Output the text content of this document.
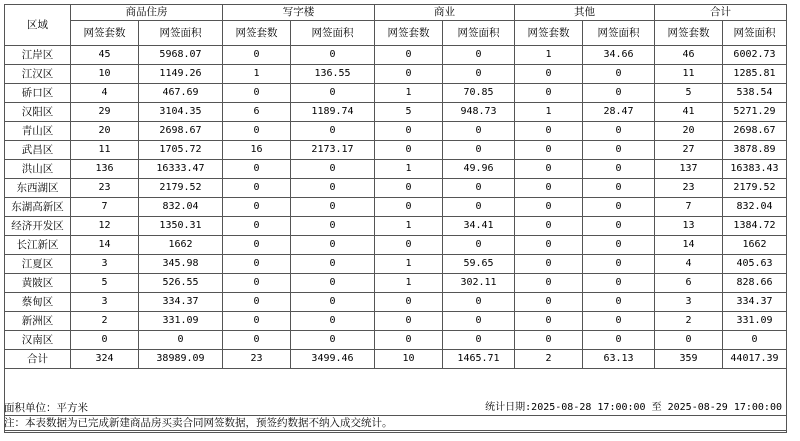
区域	商品住房		写字楼		商业		其他		合计	
	网签套数	网签面积	网签套数	网签面积	网签套数	网签面积	网签套数	网签面积	网签套数	网签面积
江岸区	45	5968.07	0	0	0	0	1	34.66	46	6002.73
江汉区	10	1149.26	1	136.55	0	0	0	0	11	1285.81
硚口区	4	467.69	0	0	1	70.85	0	0	5	538.54
汉阳区	29	3104.35	6	1189.74	5	948.73	1	28.47	41	5271.29
青山区	20	2698.67	0	0	0	0	0	0	20	2698.67
武昌区	11	1705.72	16	2173.17	0	0	0	0	27	3878.89
洪山区	136	16333.47	0	0	1	49.96	0	0	137	16383.43
东西湖区	23	2179.52	0	0	0	0	0	0	23	2179.52
东湖高新区	7	832.04	0	0	0	0	0	0	7	832.04
经济开发区	12	1350.31	0	0	1	34.41	0	0	13	1384.72
长江新区	14	1662	0	0	0	0	0	0	14	1662
江夏区	3	345.98	0	0	1	59.65	0	0	4	405.63
黄陂区	5	526.55	0	0	1	302.11	0	0	6	828.66
蔡甸区	3	334.37	0	0	0	0	0	0	3	334.37
新洲区	2	331.09	0	0	0	0	0	0	2	331.09
汉南区	0	0	0	0	0	0	0	0	0	0
合计	324	38989.09	23	3499.46	10	1465.71	2	63.13	359	44017.39
面积单位：平方米	统计日期:2025-08-28 17:00:00 至 2025-08-29 17:00:00
注：本表数据为已完成新建商品房买卖合同网签数据，预签约数据不纳入成交统计。
